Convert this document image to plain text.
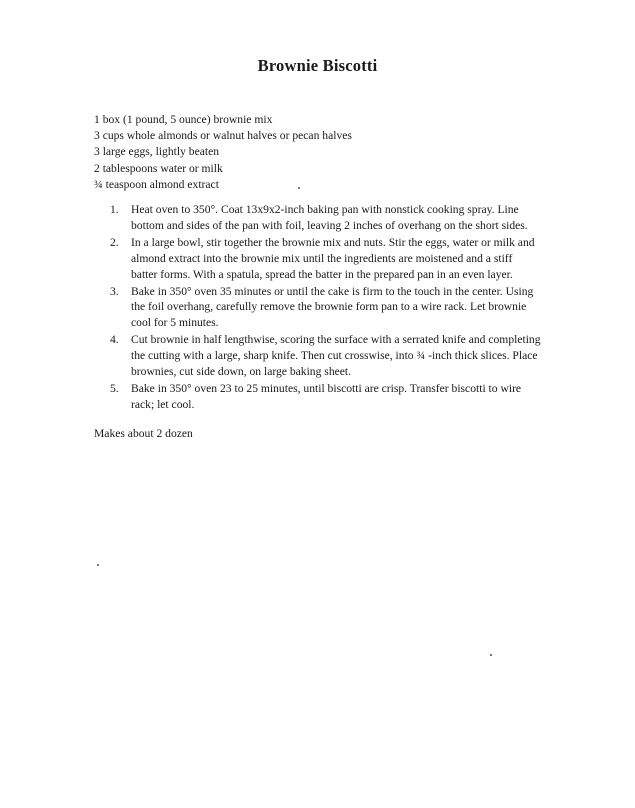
Brownie Biscotti
1 box (1 pound, 5 ounce) brownie mix
3 cups whole almonds or walnut halves or pecan halves
3 large eggs, lightly beaten
2 tablespoons water or milk
¾ teaspoon almond extract
1. Heat oven to 350°. Coat 13x9x2-inch baking pan with nonstick cooking spray. Line bottom and sides of the pan with foil, leaving 2 inches of overhang on the short sides.
2. In a large bowl, stir together the brownie mix and nuts. Stir the eggs, water or milk and almond extract into the brownie mix until the ingredients are moistened and a stiff batter forms. With a spatula, spread the batter in the prepared pan in an even layer.
3. Bake in 350° oven 35 minutes or until the cake is firm to the touch in the center. Using the foil overhang, carefully remove the brownie form pan to a wire rack. Let brownie cool for 5 minutes.
4. Cut brownie in half lengthwise, scoring the surface with a serrated knife and completing the cutting with a large, sharp knife. Then cut crosswise, into ¾ -inch thick slices. Place brownies, cut side down, on large baking sheet.
5. Bake in 350° oven 23 to 25 minutes, until biscotti are crisp. Transfer biscotti to wire rack; let cool.
Makes about 2 dozen
